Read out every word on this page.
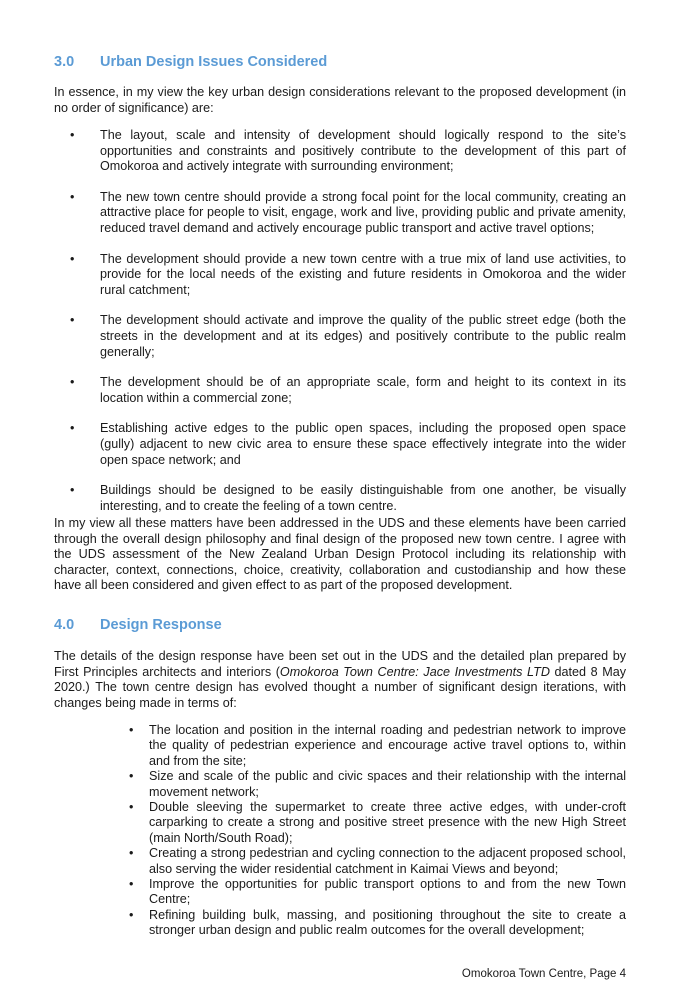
3.0 Urban Design Issues Considered

In essence, in my view the key urban design considerations relevant to the proposed development (in no order of significance) are:

• The layout, scale and intensity of development should logically respond to the site’s opportunities and constraints and positively contribute to the development of this part of Omokoroa and actively integrate with surrounding environment;
• The new town centre should provide a strong focal point for the local community, creating an attractive place for people to visit, engage, work and live, providing public and private amenity, reduced travel demand and actively encourage public transport and active travel options;
• The development should provide a new town centre with a true mix of land use activities, to provide for the local needs of the existing and future residents in Omokoroa and the wider rural catchment;
• The development should activate and improve the quality of the public street edge (both the streets in the development and at its edges) and positively contribute to the public realm generally;
• The development should be of an appropriate scale, form and height to its context in its location within a commercial zone;
• Establishing active edges to the public open spaces, including the proposed open space (gully) adjacent to new civic area to ensure these space effectively integrate into the wider open space network; and
• Buildings should be designed to be easily distinguishable from one another, be visually interesting, and to create the feeling of a town centre.

In my view all these matters have been addressed in the UDS and these elements have been carried through the overall design philosophy and final design of the proposed new town centre. I agree with the UDS assessment of the New Zealand Urban Design Protocol including its relationship with character, context, connections, choice, creativity, collaboration and custodianship and how these have all been considered and given effect to as part of the proposed development.

4.0 Design Response

The details of the design response have been set out in the UDS and the detailed plan prepared by First Principles architects and interiors (Omokoroa Town Centre: Jace Investments LTD dated 8 May 2020.) The town centre design has evolved thought a number of significant design iterations, with changes being made in terms of:

• The location and position in the internal roading and pedestrian network to improve the quality of pedestrian experience and encourage active travel options to, within and from the site;
• Size and scale of the public and civic spaces and their relationship with the internal movement network;
• Double sleeving the supermarket to create three active edges, with under-croft carparking to create a strong and positive street presence with the new High Street (main North/South Road);
• Creating a strong pedestrian and cycling connection to the adjacent proposed school, also serving the wider residential catchment in Kaimai Views and beyond;
• Improve the opportunities for public transport options to and from the new Town Centre;
• Refining building bulk, massing, and positioning throughout the site to create a stronger urban design and public realm outcomes for the overall development;
Omokoroa Town Centre, Page 4
